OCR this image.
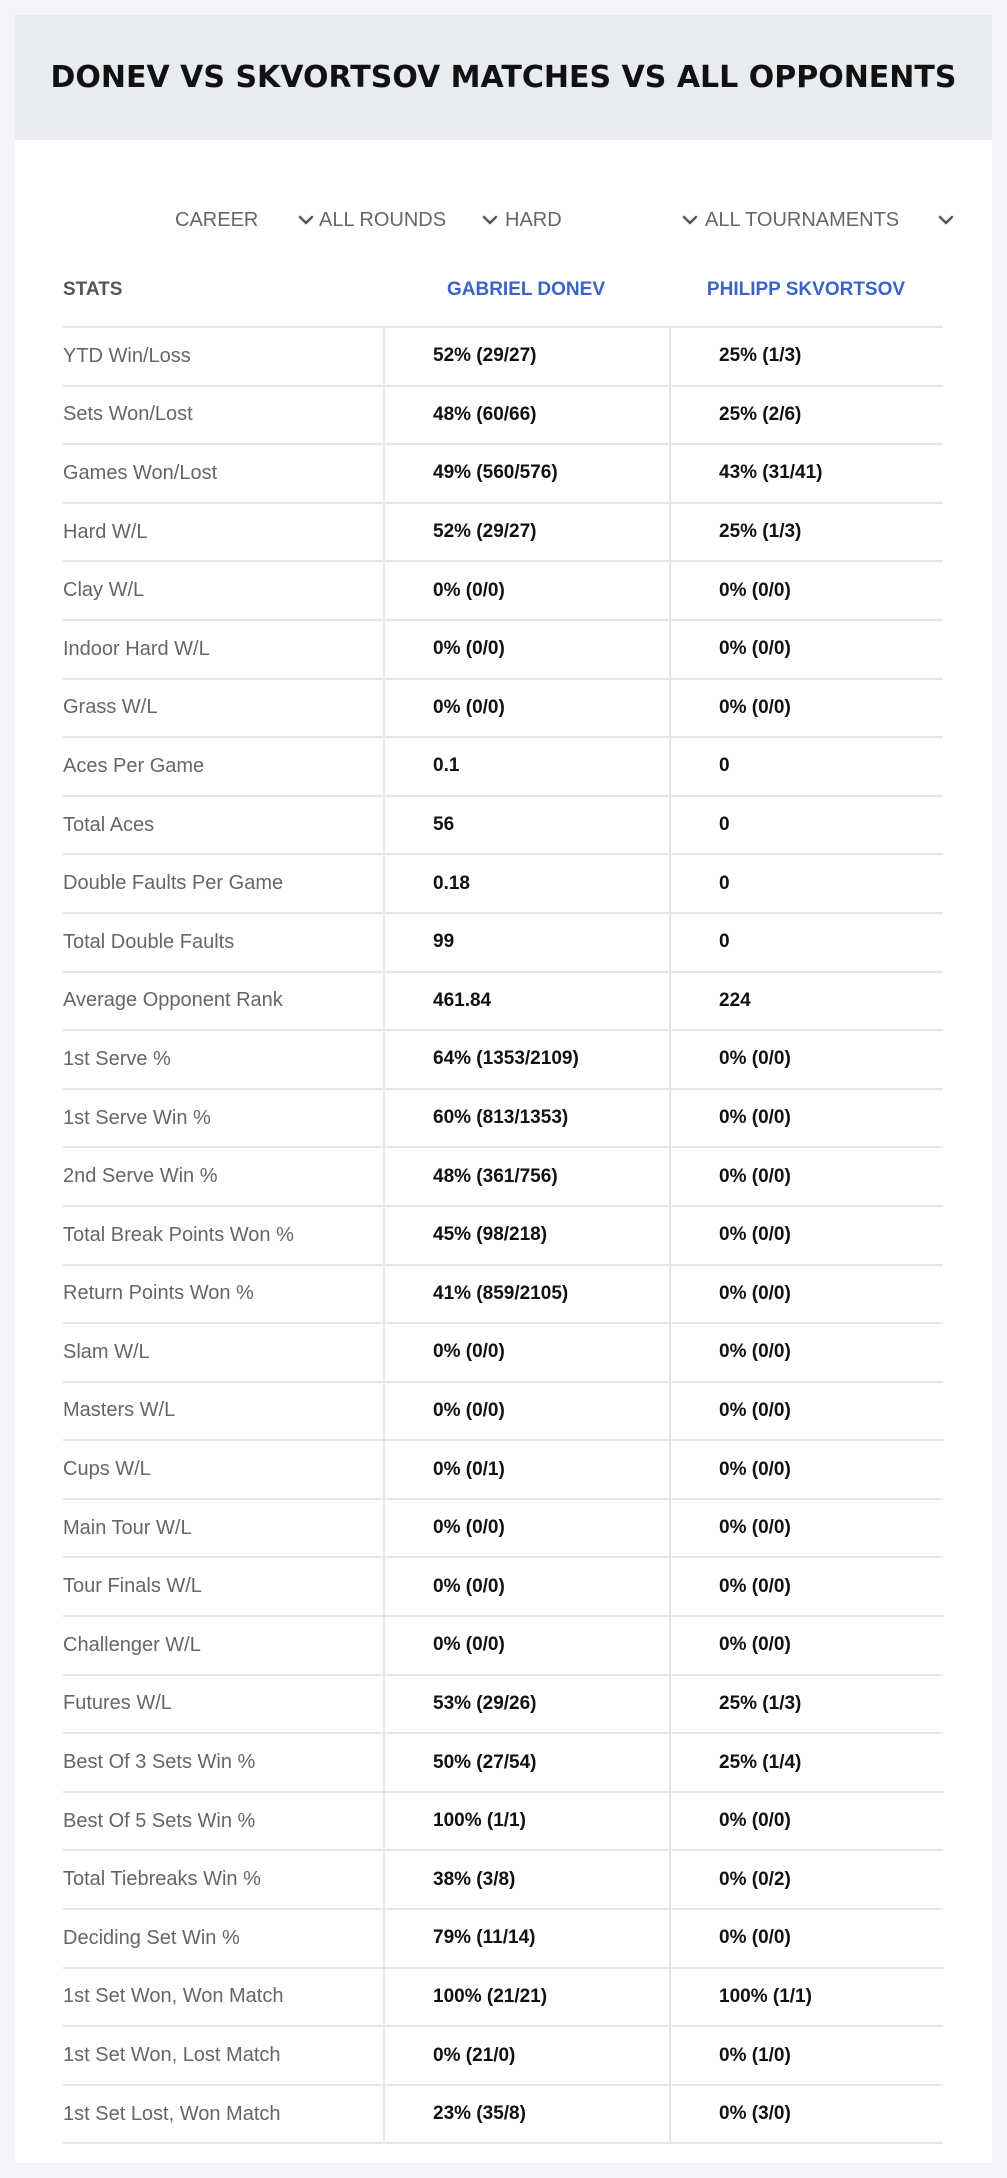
DONEV VS SKVORTSOV MATCHES VS ALL OPPONENTS
CAREER	ALL ROUNDS	HARD	ALL TOURNAMENTS
STATS	GABRIEL DONEV	PHILIPP SKVORTSOV
YTD Win/Loss	52% (29/27)	25% (1/3)
Sets Won/Lost	48% (60/66)	25% (2/6)
Games Won/Lost	49% (560/576)	43% (31/41)
Hard W/L	52% (29/27)	25% (1/3)
Clay W/L	0% (0/0)	0% (0/0)
Indoor Hard W/L	0% (0/0)	0% (0/0)
Grass W/L	0% (0/0)	0% (0/0)
Aces Per Game	0.1	0
Total Aces	56	0
Double Faults Per Game	0.18	0
Total Double Faults	99	0
Average Opponent Rank	461.84	224
1st Serve %	64% (1353/2109)	0% (0/0)
1st Serve Win %	60% (813/1353)	0% (0/0)
2nd Serve Win %	48% (361/756)	0% (0/0)
Total Break Points Won %	45% (98/218)	0% (0/0)
Return Points Won %	41% (859/2105)	0% (0/0)
Slam W/L	0% (0/0)	0% (0/0)
Masters W/L	0% (0/0)	0% (0/0)
Cups W/L	0% (0/1)	0% (0/0)
Main Tour W/L	0% (0/0)	0% (0/0)
Tour Finals W/L	0% (0/0)	0% (0/0)
Challenger W/L	0% (0/0)	0% (0/0)
Futures W/L	53% (29/26)	25% (1/3)
Best Of 3 Sets Win %	50% (27/54)	25% (1/4)
Best Of 5 Sets Win %	100% (1/1)	0% (0/0)
Total Tiebreaks Win %	38% (3/8)	0% (0/2)
Deciding Set Win %	79% (11/14)	0% (0/0)
1st Set Won, Won Match	100% (21/21)	100% (1/1)
1st Set Won, Lost Match	0% (21/0)	0% (1/0)
1st Set Lost, Won Match	23% (35/8)	0% (3/0)
